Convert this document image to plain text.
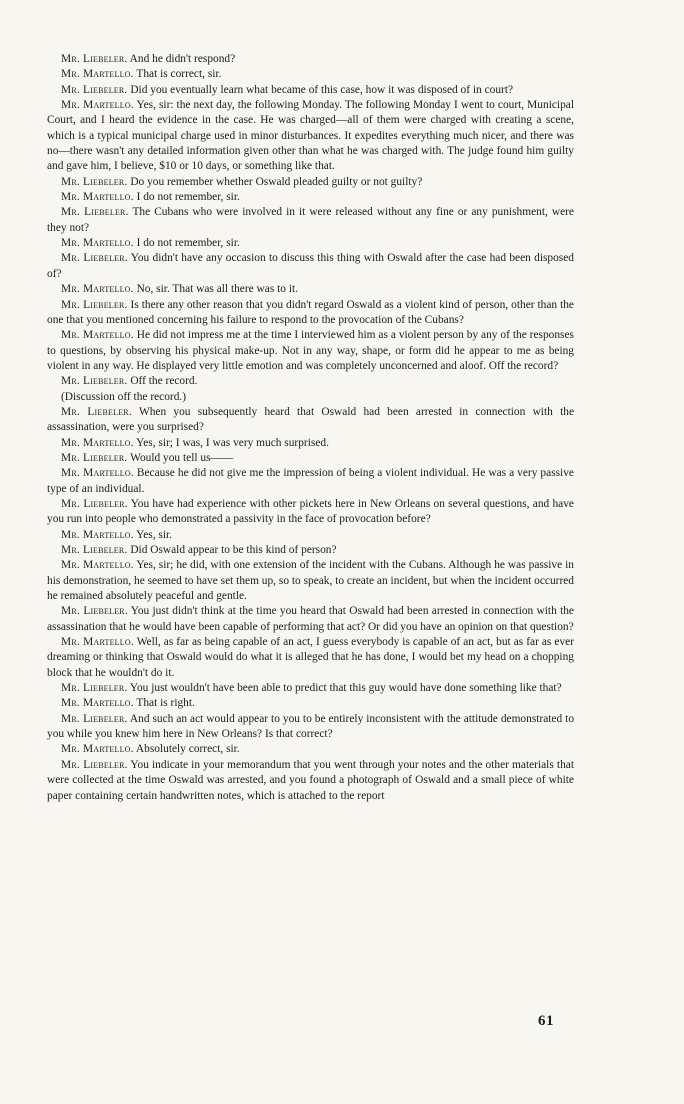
Mr. Liebeler. And he didn't respond?

Mr. Martello. That is correct, sir.

Mr. Liebeler. Did you eventually learn what became of this case, how it was disposed of in court?

Mr. Martello. Yes, sir: the next day, the following Monday. The following Monday I went to court, Municipal Court, and I heard the evidence in the case. He was charged—all of them were charged with creating a scene, which is a typical municipal charge used in minor disturbances. It expedites everything much nicer, and there was no—there wasn't any detailed information given other than what he was charged with. The judge found him guilty and gave him, I believe, $10 or 10 days, or something like that.

Mr. Liebeler. Do you remember whether Oswald pleaded guilty or not guilty?

Mr. Martello. I do not remember, sir.

Mr. Liebeler. The Cubans who were involved in it were released without any fine or any punishment, were they not?

Mr. Martello. I do not remember, sir.

Mr. Liebeler. You didn't have any occasion to discuss this thing with Oswald after the case had been disposed of?

Mr. Martello. No, sir. That was all there was to it.

Mr. Liebeler. Is there any other reason that you didn't regard Oswald as a violent kind of person, other than the one that you mentioned concerning his failure to respond to the provocation of the Cubans?

Mr. Martello. He did not impress me at the time I interviewed him as a violent person by any of the responses to questions, by observing his physical make-up. Not in any way, shape, or form did he appear to me as being violent in any way. He displayed very little emotion and was completely unconcerned and aloof. Off the record?

Mr. Liebeler. Off the record.

(Discussion off the record.)

Mr. Liebeler. When you subsequently heard that Oswald had been arrested in connection with the assassination, were you surprised?

Mr. Martello. Yes, sir; I was, I was very much surprised.

Mr. Liebeler. Would you tell us——

Mr. Martello. Because he did not give me the impression of being a violent individual. He was a very passive type of an individual.

Mr. Liebeler. You have had experience with other pickets here in New Orleans on several questions, and have you run into people who demonstrated a passivity in the face of provocation before?

Mr. Martello. Yes, sir.

Mr. Liebeler. Did Oswald appear to be this kind of person?

Mr. Martello. Yes, sir; he did, with one extension of the incident with the Cubans. Although he was passive in his demonstration, he seemed to have set them up, so to speak, to create an incident, but when the incident occurred he remained absolutely peaceful and gentle.

Mr. Liebeler. You just didn't think at the time you heard that Oswald had been arrested in connection with the assassination that he would have been capable of performing that act? Or did you have an opinion on that question?

Mr. Martello. Well, as far as being capable of an act, I guess everybody is capable of an act, but as far as ever dreaming or thinking that Oswald would do what it is alleged that he has done, I would bet my head on a chopping block that he wouldn't do it.

Mr. Liebeler. You just wouldn't have been able to predict that this guy would have done something like that?

Mr. Martello. That is right.

Mr. Liebeler. And such an act would appear to you to be entirely inconsistent with the attitude demonstrated to you while you knew him here in New Orleans? Is that correct?

Mr. Martello. Absolutely correct, sir.

Mr. Liebeler. You indicate in your memorandum that you went through your notes and the other materials that were collected at the time Oswald was arrested, and you found a photograph of Oswald and a small piece of white paper containing certain handwritten notes, which is attached to the report

61
